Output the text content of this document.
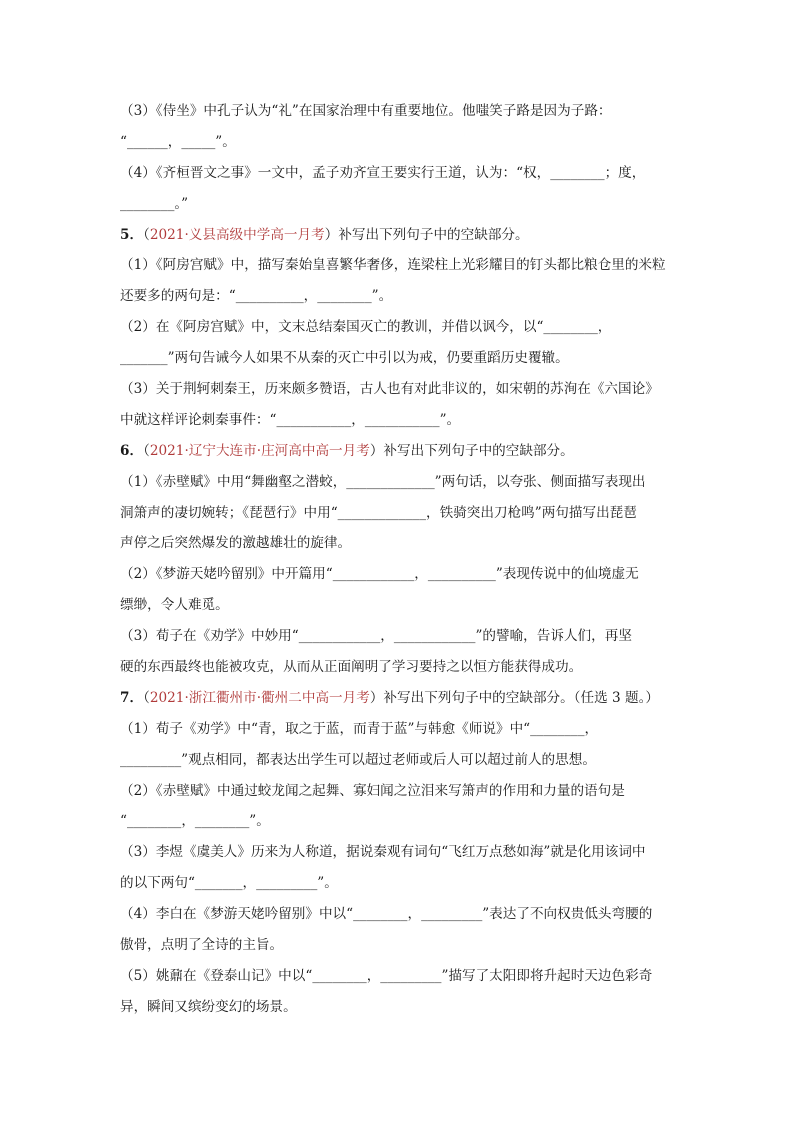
（3）《侍坐》中孔子认为“礼”在国家治理中有重要地位。他嗤笑子路是因为子路：
“______，_____”。
（4）《齐桓晋文之事》一文中，孟子劝齐宣王要实行王道，认为：“权，________；度，
________。”
5．（2021·义县高级中学高一月考）补写出下列句子中的空缺部分。
（1）《阿房宫赋》中，描写秦始皇喜繁华奢侈，连梁柱上光彩耀目的钉头都比粮仓里的米粒
还要多的两句是：“__________，________”。
（2）在《阿房宫赋》中，文末总结秦国灭亡的教训，并借以讽今，以“________，
_______”两句告诫今人如果不从秦的灭亡中引以为戒，仍要重蹈历史覆辙。
（3）关于荆轲刺秦王，历来颇多赞语，古人也有对此非议的，如宋朝的苏洵在《六国论》
中就这样评论刺秦事件：“___________，___________”。
6．（2021·辽宁大连市·庄河高中高一月考）补写出下列句子中的空缺部分。
（1）《赤壁赋》中用“舞幽壑之潜蛟，_____________”两句话，以夸张、侧面描写表现出
洞箫声的凄切婉转；《琵琶行》中用“_____________，铁骑突出刀枪鸣”两句描写出琵琶
声停之后突然爆发的激越雄壮的旋律。
（2）《梦游天姥吟留别》中开篇用“____________，__________”表现传说中的仙境虚无
缥缈，令人难觅。
（3）荀子在《劝学》中妙用“____________，____________”的譬喻，告诉人们，再坚
硬的东西最终也能被攻克，从而从正面阐明了学习要持之以恒方能获得成功。
7．（2021·浙江衢州市·衢州二中高一月考）补写出下列句子中的空缺部分。（任选 3 题。）
（1）荀子《劝学》中“青，取之于蓝，而青于蓝”与韩愈《师说》中“________，
_________”观点相同，都表达出学生可以超过老师或后人可以超过前人的思想。
（2）《赤壁赋》中通过蛟龙闻之起舞、寡妇闻之泣泪来写箫声的作用和力量的语句是
“________，________”。
（3）李煜《虞美人》历来为人称道，据说秦观有词句“飞红万点愁如海”就是化用该词中
的以下两句“_______，_________”。
（4）李白在《梦游天姥吟留别》中以“________，_________”表达了不向权贵低头弯腰的
傲骨，点明了全诗的主旨。
（5）姚鼐在《登泰山记》中以“________，_________”描写了太阳即将升起时天边色彩奇
异，瞬间又缤纷变幻的场景。
